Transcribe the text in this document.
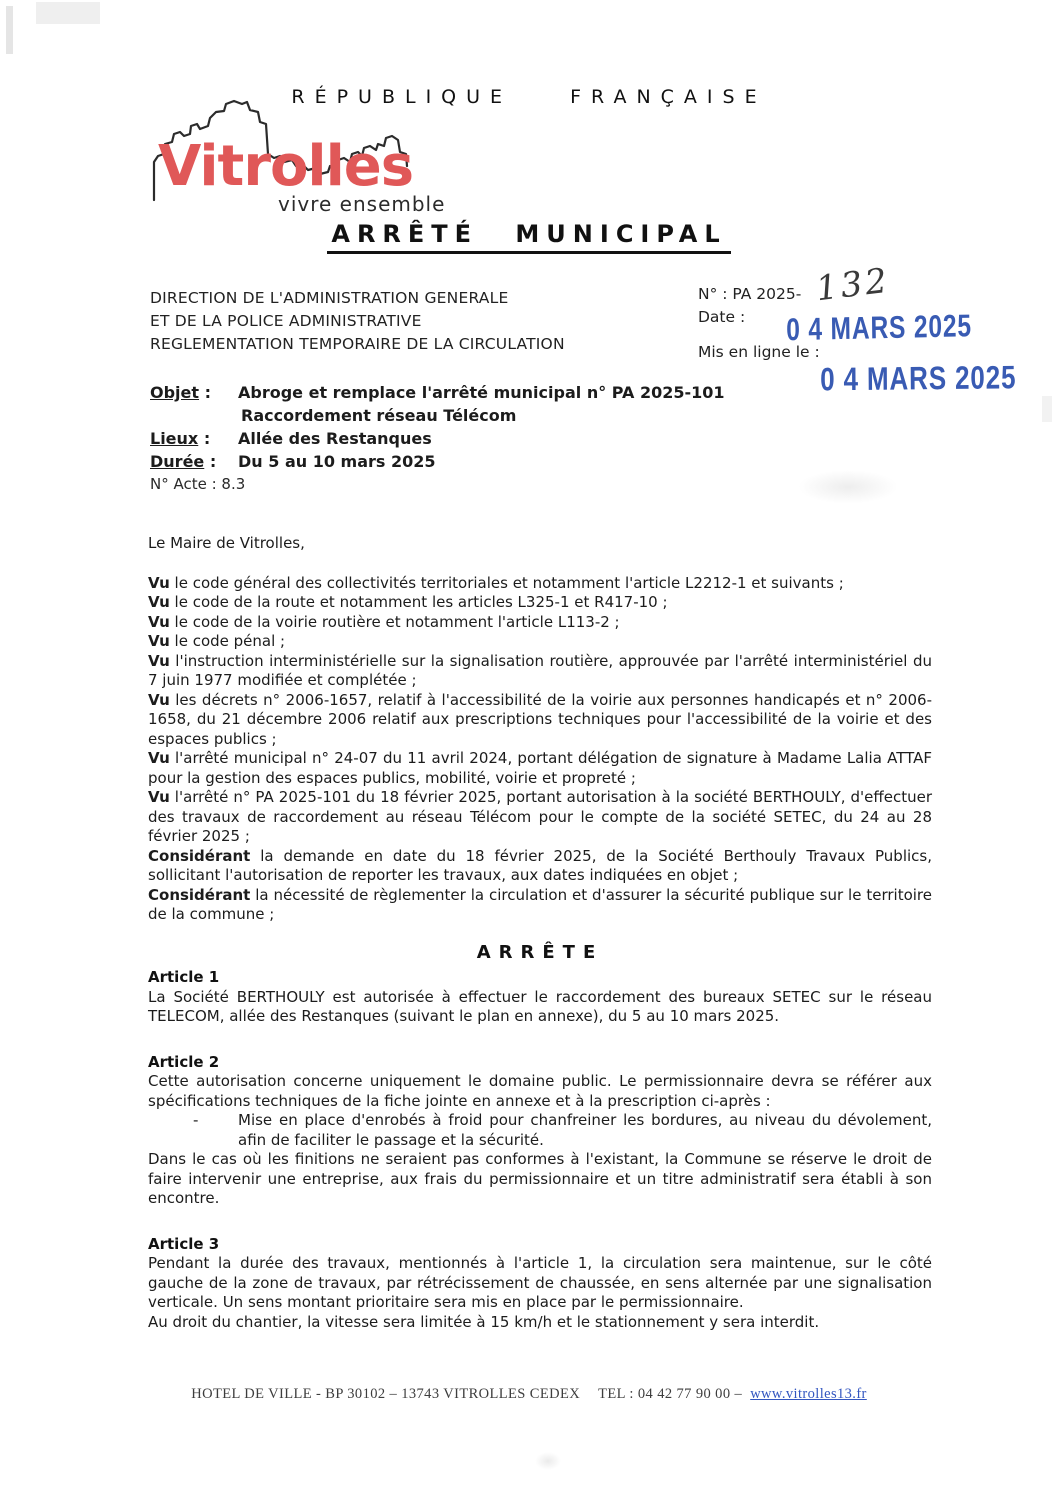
RÉPUBLIQUE FRANÇAISE
Vitrolles
vivre ensemble
ARRÊTÉ MUNICIPAL
DIRECTION DE L'ADMINISTRATION GENERALE
ET DE LA POLICE ADMINISTRATIVE
REGLEMENTATION TEMPORAIRE DE LA CIRCULATION
N° : PA 2025- 132
Date :
Mis en ligne le :
0 4 MARS 2025
0 4 MARS 2025
Objet :	Abroge et remplace l'arrêté municipal n° PA 2025-101
Raccordement réseau Télécom
Lieux :	Allée des Restanques
Durée :	Du 5 au 10 mars 2025
N° Acte : 8.3

Le Maire de Vitrolles,

Vu le code général des collectivités territoriales et notamment l'article L2212-1 et suivants ;

Vu le code de la route et notamment les articles L325-1 et R417-10 ;

Vu le code de la voirie routière et notamment l'article L113-2 ;

Vu le code pénal ;

Vu l'instruction interministérielle sur la signalisation routière, approuvée par l'arrêté interministériel du 7 juin 1977 modifiée et complétée ;

Vu les décrets n° 2006-1657, relatif à l'accessibilité de la voirie aux personnes handicapés et n° 2006-1658, du 21 décembre 2006 relatif aux prescriptions techniques pour l'accessibilité de la voirie et des espaces publics ;

Vu l'arrêté municipal n° 24-07 du 11 avril 2024, portant délégation de signature à Madame Lalia ATTAF pour la gestion des espaces publics, mobilité, voirie et propreté ;

Vu l'arrêté n° PA 2025-101 du 18 février 2025, portant autorisation à la société BERTHOULY, d'effectuer des travaux de raccordement au réseau Télécom pour le compte de la société SETEC, du 24 au 28 février 2025 ;

Considérant la demande en date du 18 février 2025, de la Société Berthouly Travaux Publics, sollicitant l'autorisation de reporter les travaux, aux dates indiquées en objet ;

Considérant la nécessité de règlementer la circulation et d'assurer la sécurité publique sur le territoire de la commune ;

ARRÊTE
Article 1

La Société BERTHOULY est autorisée à effectuer le raccordement des bureaux SETEC sur le réseau TELECOM, allée des Restanques (suivant le plan en annexe), du 5 au 10 mars 2025.

Article 2

Cette autorisation concerne uniquement le domaine public. Le permissionnaire devra se référer aux spécifications techniques de la fiche jointe en annexe et à la prescription ci-après :

-	Mise en place d'enrobés à froid pour chanfreiner les bordures, au niveau du dévolement, afin de faciliter le passage et la sécurité.

Dans le cas où les finitions ne seraient pas conformes à l'existant, la Commune se réserve le droit de faire intervenir une entreprise, aux frais du permissionnaire et un titre administratif sera établi à son encontre.

Article 3

Pendant la durée des travaux, mentionnés à l'article 1, la circulation sera maintenue, sur le côté gauche de la zone de travaux, par rétrécissement de chaussée, en sens alternée par une signalisation verticale. Un sens montant prioritaire sera mis en place par le permissionnaire.

Au droit du chantier, la vitesse sera limitée à 15 km/h et le stationnement y sera interdit.

HOTEL DE VILLE - BP 30102 – 13743 VITROLLES CEDEX TEL : 04 42 77 90 00 – www.vitrolles13.fr
